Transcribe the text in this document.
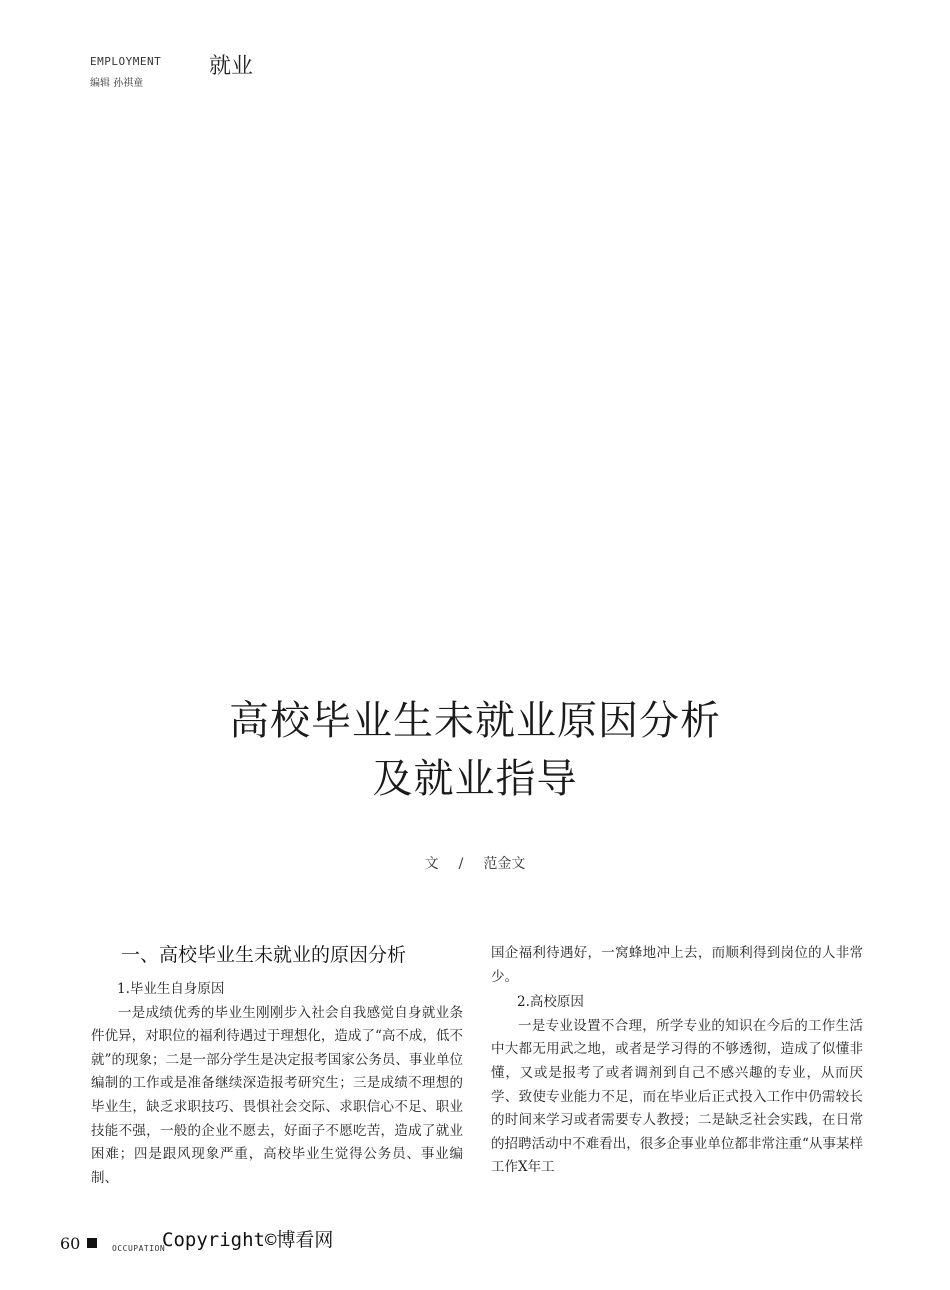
EMPLOYMENT
编辑 孙祺童
就业
高校毕业生未就业原因分析
及就业指导
文 / 范金文
一、高校毕业生未就业的原因分析

1.毕业生自身原因

一是成绩优秀的毕业生刚刚步入社会自我感觉自身就业条件优异，对职位的福利待遇过于理想化，造成了“高不成，低不就”的现象；二是一部分学生是决定报考国家公务员、事业单位编制的工作或是准备继续深造报考研究生；三是成绩不理想的毕业生，缺乏求职技巧、畏惧社会交际、求职信心不足、职业技能不强，一般的企业不愿去，好面子不愿吃苦，造成了就业困难；四是跟风现象严重，高校毕业生觉得公务员、事业编制、

国企福利待遇好，一窝蜂地冲上去，而顺利得到岗位的人非常少。

2.高校原因

一是专业设置不合理，所学专业的知识在今后的工作生活中大都无用武之地，或者是学习得的不够透彻，造成了似懂非懂，又或是报考了或者调剂到自己不感兴趣的专业，从而厌学、致使专业能力不足，而在毕业后正式投入工作中仍需较长的时间来学习或者需要专人教授；二是缺乏社会实践，在日常的招聘活动中不难看出，很多企事业单位都非常注重“从事某样工作X年工

60	OCCUPATION
Copyright©博看网
